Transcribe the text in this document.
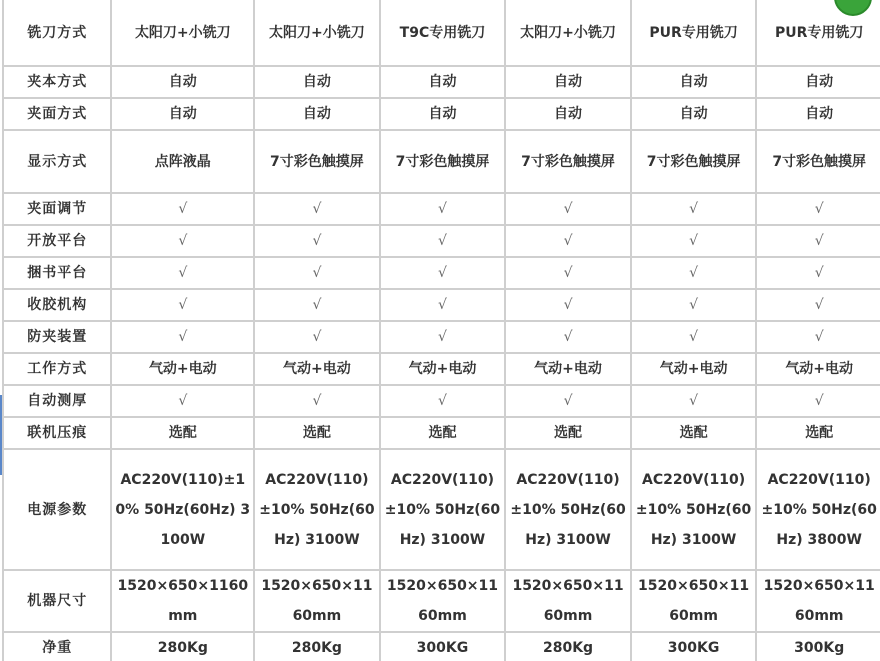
铣刀方式	太阳刀+小铣刀	太阳刀+小铣刀	T9C专用铣刀	太阳刀+小铣刀	PUR专用铣刀	PUR专用铣刀
夹本方式	自动	自动	自动	自动	自动	自动
夹面方式	自动	自动	自动	自动	自动	自动
显示方式	点阵液晶	7寸彩色触摸屏	7寸彩色触摸屏	7寸彩色触摸屏	7寸彩色触摸屏	7寸彩色触摸屏
夹面调节	√	√	√	√	√	√
开放平台	√	√	√	√	√	√
捆书平台	√	√	√	√	√	√
收胶机构	√	√	√	√	√	√
防夹装置	√	√	√	√	√	√
工作方式	气动+电动	气动+电动	气动+电动	气动+电动	气动+电动	气动+电动
自动测厚	√	√	√	√	√	√
联机压痕	选配	选配	选配	选配	选配	选配
电源参数	AC220V(110)±10% 50Hz(60Hz) 3100W	AC220V(110)±10% 50Hz(60Hz) 3100W	AC220V(110)±10% 50Hz(60Hz) 3100W	AC220V(110)±10% 50Hz(60Hz) 3100W	AC220V(110)±10% 50Hz(60Hz) 3100W	AC220V(110)±10% 50Hz(60Hz) 3800W
机器尺寸	1520×650×1160mm	1520×650×1160mm	1520×650×1160mm	1520×650×1160mm	1520×650×1160mm	1520×650×1160mm
净重	280Kg	280Kg	300KG	280Kg	300KG	300Kg
